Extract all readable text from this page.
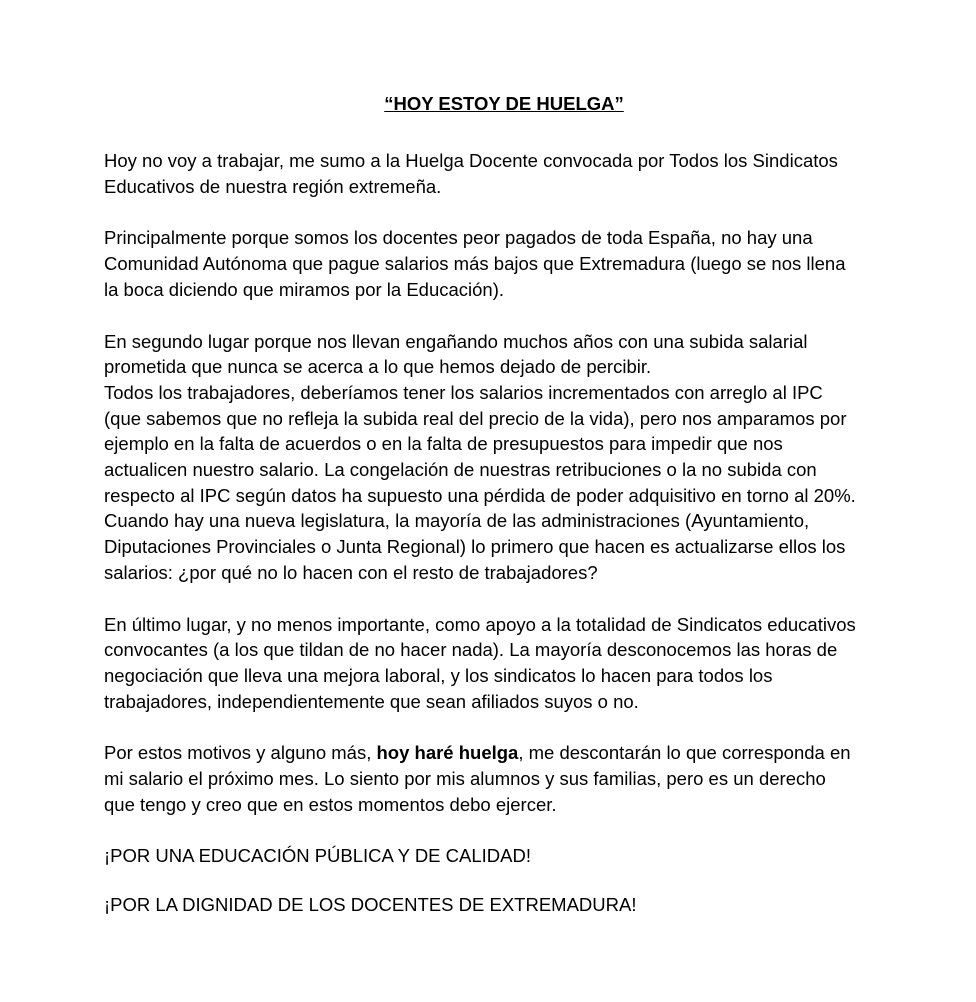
“HOY ESTOY DE HUELGA”
Hoy no voy a trabajar, me sumo a la Huelga Docente convocada por Todos los Sindicatos
Educativos de nuestra región extremeña.
Principalmente porque somos los docentes peor pagados de toda España, no hay una
Comunidad Autónoma que pague salarios más bajos que Extremadura (luego se nos llena
la boca diciendo que miramos por la Educación).
En segundo lugar porque nos llevan engañando muchos años con una subida salarial
prometida que nunca se acerca a lo que hemos dejado de percibir.
Todos los trabajadores, deberíamos tener los salarios incrementados con arreglo al IPC
(que sabemos que no refleja la subida real del precio de la vida), pero nos amparamos por
ejemplo en la falta de acuerdos o en la falta de presupuestos para impedir que nos
actualicen nuestro salario. La congelación de nuestras retribuciones o la no subida con
respecto al IPC según datos ha supuesto una pérdida de poder adquisitivo en torno al 20%.
Cuando hay una nueva legislatura, la mayoría de las administraciones (Ayuntamiento,
Diputaciones Provinciales o Junta Regional) lo primero que hacen es actualizarse ellos los
salarios: ¿por qué no lo hacen con el resto de trabajadores?
En último lugar, y no menos importante, como apoyo a la totalidad de Sindicatos educativos
convocantes (a los que tildan de no hacer nada). La mayoría desconocemos las horas de
negociación que lleva una mejora laboral, y los sindicatos lo hacen para todos los
trabajadores, independientemente que sean afiliados suyos o no.
Por estos motivos y alguno más, hoy haré huelga, me descontarán lo que corresponda en
mi salario el próximo mes. Lo siento por mis alumnos y sus familias, pero es un derecho
que tengo y creo que en estos momentos debo ejercer.
¡POR UNA EDUCACIÓN PÚBLICA Y DE CALIDAD!
¡POR LA DIGNIDAD DE LOS DOCENTES DE EXTREMADURA!
